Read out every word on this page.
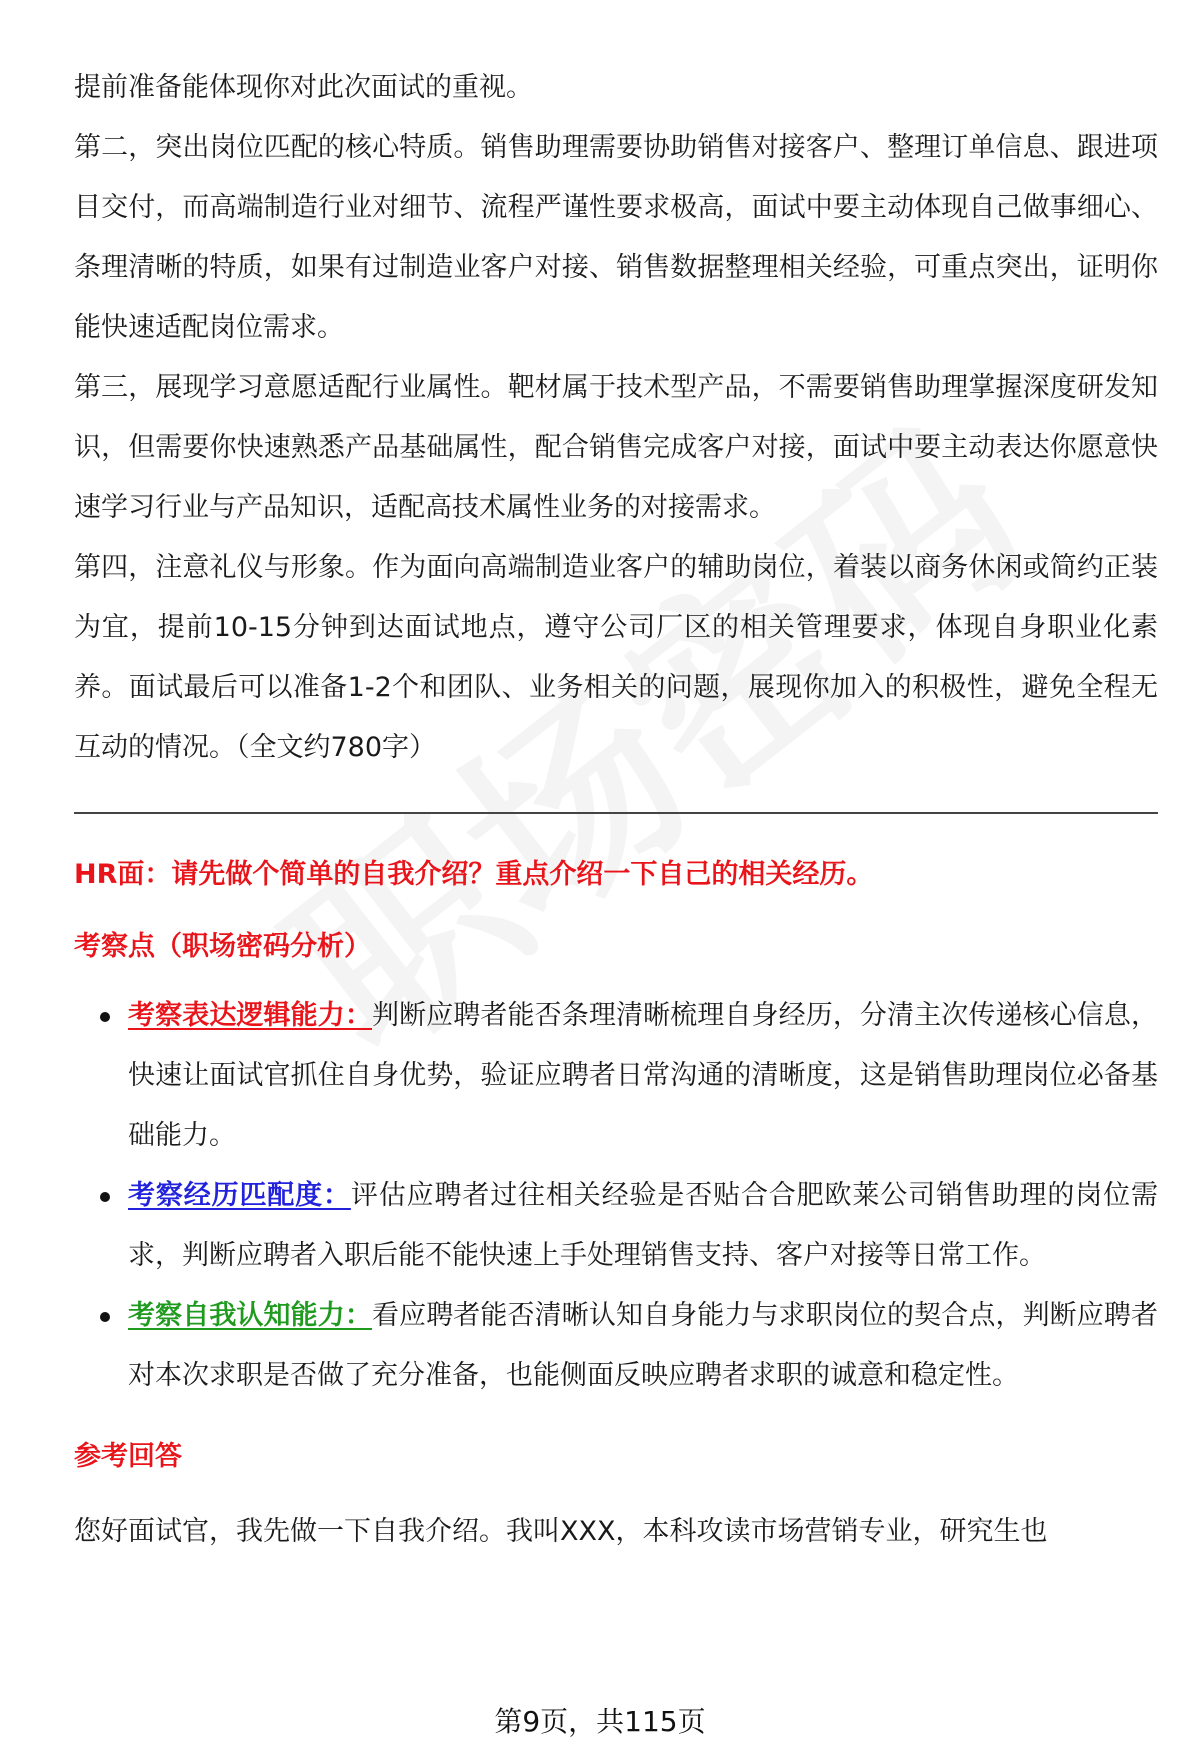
提前准备能体现你对此次面试的重视。

第二，突出岗位匹配的核心特质。销售助理需要协助销售对接客户、整理订单信息、跟进项目交付，而高端制造行业对细节、流程严谨性要求极高，面试中要主动体现自己做事细心、条理清晰的特质，如果有过制造业客户对接、销售数据整理相关经验，可重点突出，证明你能快速适配岗位需求。

第三，展现学习意愿适配行业属性。靶材属于技术型产品，不需要销售助理掌握深度研发知识，但需要你快速熟悉产品基础属性，配合销售完成客户对接，面试中要主动表达你愿意快速学习行业与产品知识，适配高技术属性业务的对接需求。

第四，注意礼仪与形象。作为面向高端制造业客户的辅助岗位，着装以商务休闲或简约正装为宜，提前10-15分钟到达面试地点，遵守公司厂区的相关管理要求，体现自身职业化素养。面试最后可以准备1-2个和团队、业务相关的问题，展现你加入的积极性，避免全程无互动的情况。（全文约780字）

HR面：请先做个简单的自我介绍？重点介绍一下自己的相关经历。
考察点（职场密码分析）
考察表达逻辑能力：判断应聘者能否条理清晰梳理自身经历，分清主次传递核心信息，快速让面试官抓住自身优势，验证应聘者日常沟通的清晰度，这是销售助理岗位必备基础能力。
考察经历匹配度：评估应聘者过往相关经验是否贴合合肥欧莱公司销售助理的岗位需求，判断应聘者入职后能不能快速上手处理销售支持、客户对接等日常工作。
考察自我认知能力：看应聘者能否清晰认知自身能力与求职岗位的契合点，判断应聘者对本次求职是否做了充分准备，也能侧面反映应聘者求职的诚意和稳定性。
参考回答

您好面试官，我先做一下自我介绍。我叫XXX，本科攻读市场营销专业，研究生也

第9页，共115页
